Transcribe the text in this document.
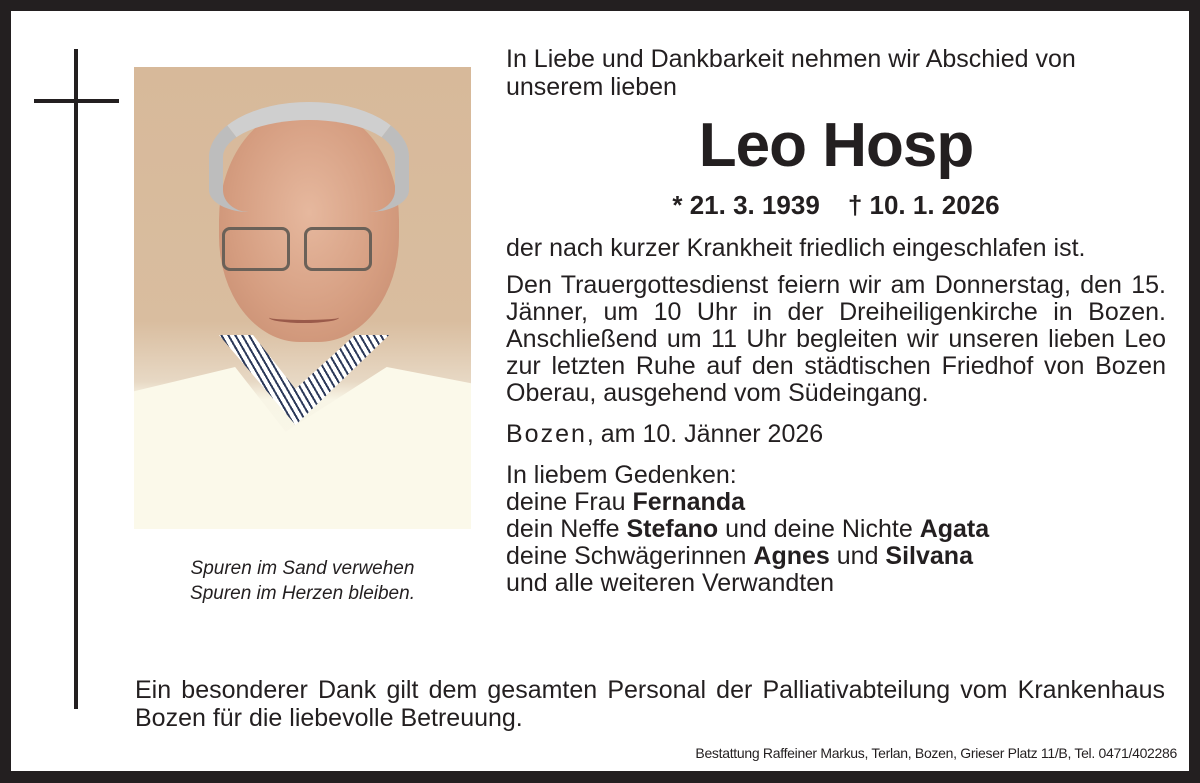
Spuren im Sand verwehen
Spuren im Herzen bleiben.

In Liebe und Dankbarkeit nehmen wir Abschied von unserem lieben

Leo Hosp

* 21. 3. 1939 † 10. 1. 2026

der nach kurzer Krankheit friedlich eingeschlafen ist.

Den Trauergottesdienst feiern wir am Donnerstag, den 15. Jänner, um 10 Uhr in der Dreiheiligenkirche in Bozen. Anschließend um 11 Uhr begleiten wir unseren lieben Leo zur letzten Ruhe auf den städtischen Friedhof von Bozen Oberau, ausgehend vom Südeingang.

Bozen, am 10. Jänner 2026

In liebem Gedenken:
deine Frau Fernanda
dein Neffe Stefano und deine Nichte Agata
deine Schwägerinnen Agnes und Silvana
und alle weiteren Verwandten

Ein besonderer Dank gilt dem gesamten Personal der Palliativabteilung vom Krankenhaus Bozen für die liebevolle Betreuung.

Bestattung Raffeiner Markus, Terlan, Bozen, Grieser Platz 11/B, Tel. 0471/402286
